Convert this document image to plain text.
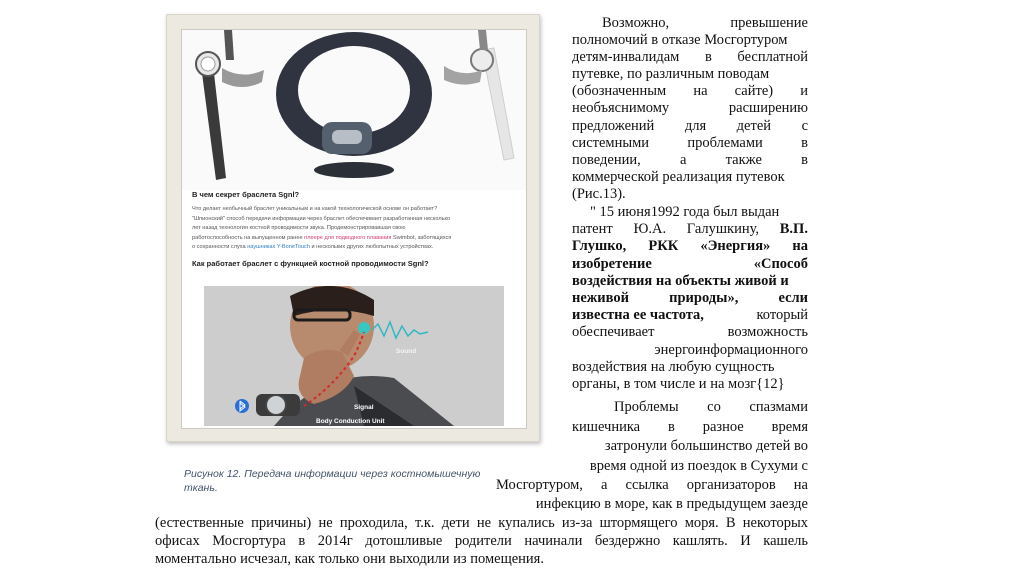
В чем секрет браслета Sgnl?

Что делает необычный браслет уникальным и на какой технологической основе он работает?

"Шпионский" способ передачи информации через браслет обеспечивает разработанная несколько

лет назад технология костной проводимости звука. Продемонстрировавшая свою

работоспособность на выпущенном ранее плеере для подводного плавания Swimbot, заботящихся

о сохранности слуха наушниках Y-BoneTouch и нескольких других любопытных устройствах.

Как работает браслет с функцией костной проводимости Sgnl?
Sound
Signal
Body Conduction Unit
Рисунок 12. Передача информации через костномышечную ткань.
Возможно,	превышение
полномочий в отказе Мосгортуром
детям-инвалидам в бесплатной
путевке, по различным поводам
(обозначенным на сайте) и
необъяснимому	расширению
предложений для детей с
системными	проблемами	в
поведении,	а	также	в
коммерческой реализация путевок
(Рис.13).
" 15 июня1992 года был выдан
патент Ю.А. Галушкину, В.П.
Глушко, РКК «Энергия» на
изобретение	«Способ
воздействия на объекты живой и
неживой	природы»,	если
известна ее частота,	который
обеспечивает	возможность
энергоинформационного
воздействия на любую сущность
органы, в том числе и на мозг{12}
Проблемы со спазмами
кишечника в разное время
затронули большинство детей во
время одной из поездок в Сухуми с
Мосгортуром, а ссылка организаторов на
инфекцию в море, как в предыдущем заезде
(естественные причины) не проходила, т.к. дети не купались из-за штормящего моря. В некоторых
офисах Мосгортура в 2014г дотошливые родители начинали бездержно кашлять. И кашель
моментально исчезал, как только они выходили из помещения.
